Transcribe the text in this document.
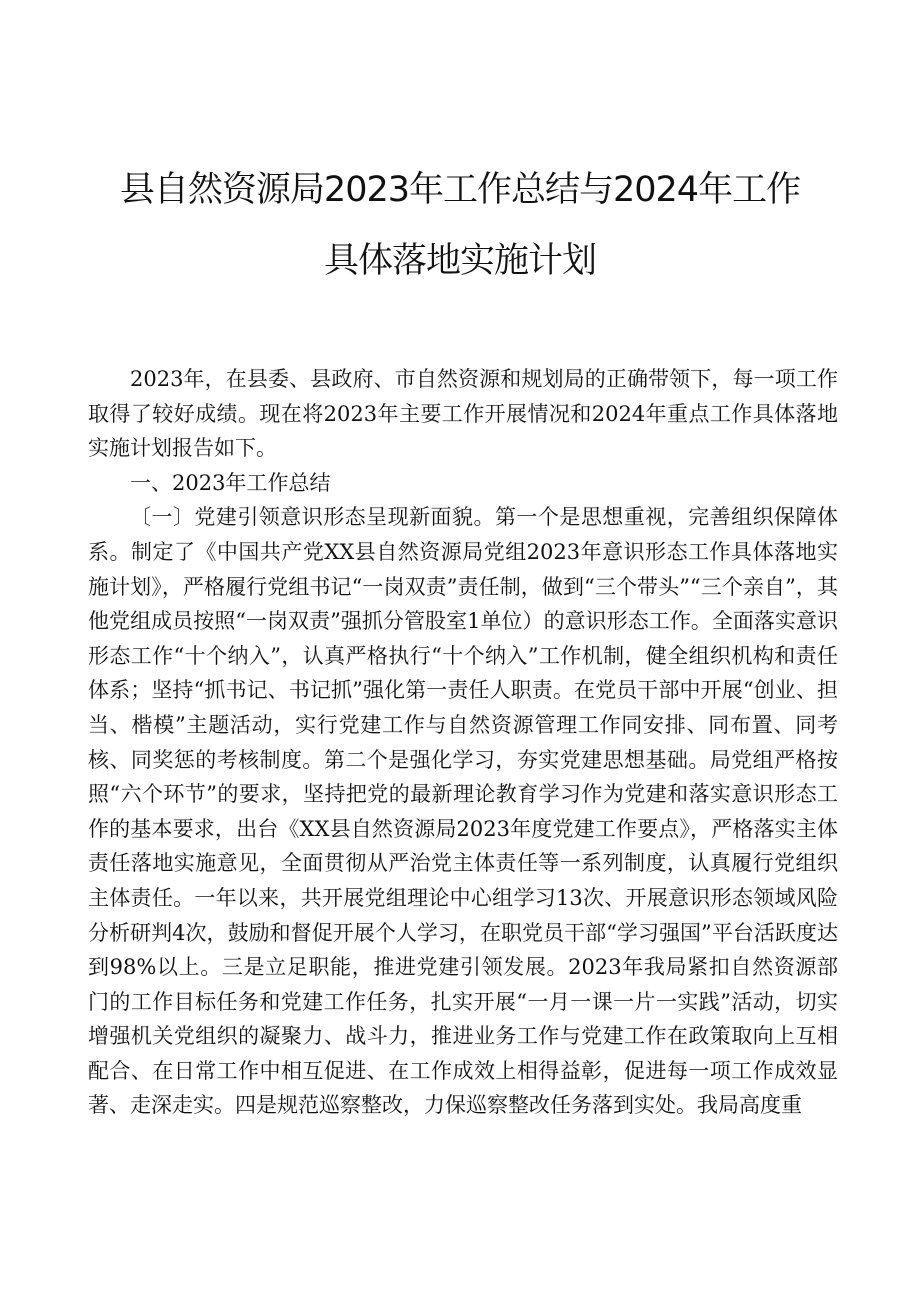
县自然资源局2023年工作总结与2024年工作
具体落地实施计划

2023年，在县委、县政府、市自然资源和规划局的正确带领下，每一项工作取得了较好成绩。现在将2023年主要工作开展情况和2024年重点工作具体落地实施计划报告如下。

一、2023年工作总结

〔一〕党建引领意识形态呈现新面貌。第一个是思想重视，完善组织保障体系。制定了《中国共产党XX县自然资源局党组2023年意识形态工作具体落地实施计划》，严格履行党组书记“一岗双责”责任制，做到“三个带头”“三个亲自”，其他党组成员按照“一岗双责”强抓分管股室1单位）的意识形态工作。全面落实意识形态工作“十个纳入”，认真严格执行“十个纳入”工作机制，健全组织机构和责任体系；坚持“抓书记、书记抓”强化第一责任人职责。在党员干部中开展“创业、担当、楷模”主题活动，实行党建工作与自然资源管理工作同安排、同布置、同考核、同奖惩的考核制度。第二个是强化学习，夯实党建思想基础。局党组严格按照“六个环节”的要求，坚持把党的最新理论教育学习作为党建和落实意识形态工作的基本要求，出台《XX县自然资源局2023年度党建工作要点》，严格落实主体责任落地实施意见，全面贯彻从严治党主体责任等一系列制度，认真履行党组织主体责任。一年以来，共开展党组理论中心组学习13次、开展意识形态领域风险分析研判4次，鼓励和督促开展个人学习，在职党员干部“学习强国”平台活跃度达到98%以上。三是立足职能，推进党建引领发展。2023年我局紧扣自然资源部门的工作目标任务和党建工作任务，扎实开展“一月一课一片一实践”活动，切实增强机关党组织的凝聚力、战斗力，推进业务工作与党建工作在政策取向上互相配合、在日常工作中相互促进、在工作成效上相得益彰，促进每一项工作成效显著、走深走实。四是规范巡察整改，力保巡察整改任务落到实处。我局高度重
